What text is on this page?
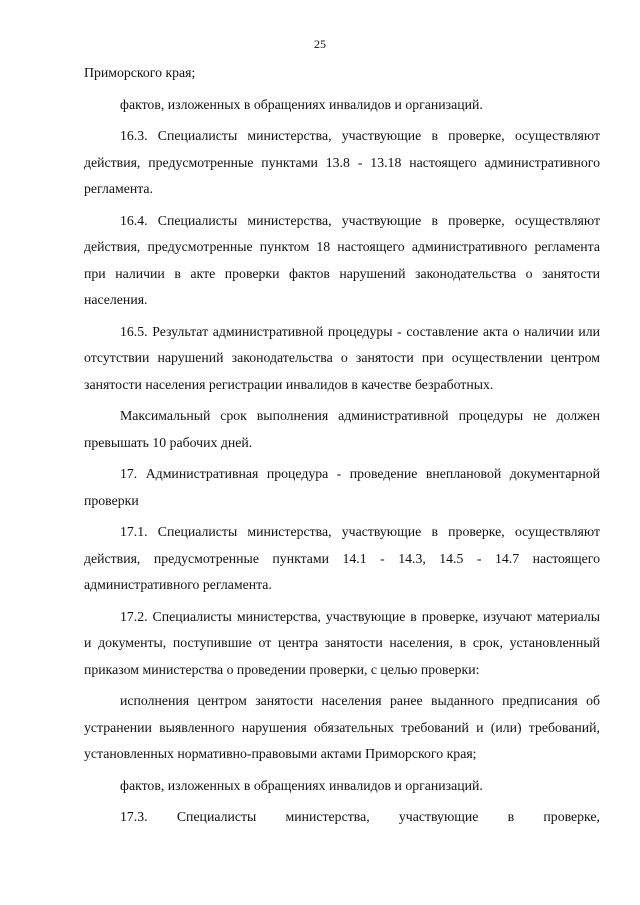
25

Приморского края;

фактов, изложенных в обращениях инвалидов и организаций.

16.3. Специалисты министерства, участвующие в проверке, осуществляют действия, предусмотренные пунктами 13.8 - 13.18 настоящего административного регламента.

16.4. Специалисты министерства, участвующие в проверке, осуществляют действия, предусмотренные пунктом 18 настоящего административного регламента при наличии в акте проверки фактов нарушений законодательства о занятости населения.

16.5. Результат административной процедуры - составление акта о наличии или отсутствии нарушений законодательства о занятости при осуществлении центром занятости населения регистрации инвалидов в качестве безработных.

Максимальный срок выполнения административной процедуры не должен превышать 10 рабочих дней.

17. Административная процедура - проведение внеплановой документарной проверки

17.1. Специалисты министерства, участвующие в проверке, осуществляют действия, предусмотренные пунктами 14.1 - 14.3, 14.5 - 14.7 настоящего административного регламента.

17.2. Специалисты министерства, участвующие в проверке, изучают материалы и документы, поступившие от центра занятости населения, в срок, установленный приказом министерства о проведении проверки, с целью проверки:

исполнения центром занятости населения ранее выданного предписания об устранении выявленного нарушения обязательных требований и (или) требований, установленных нормативно-правовыми актами Приморского края;

фактов, изложенных в обращениях инвалидов и организаций.

17.3. Специалисты министерства, участвующие в проверке,
